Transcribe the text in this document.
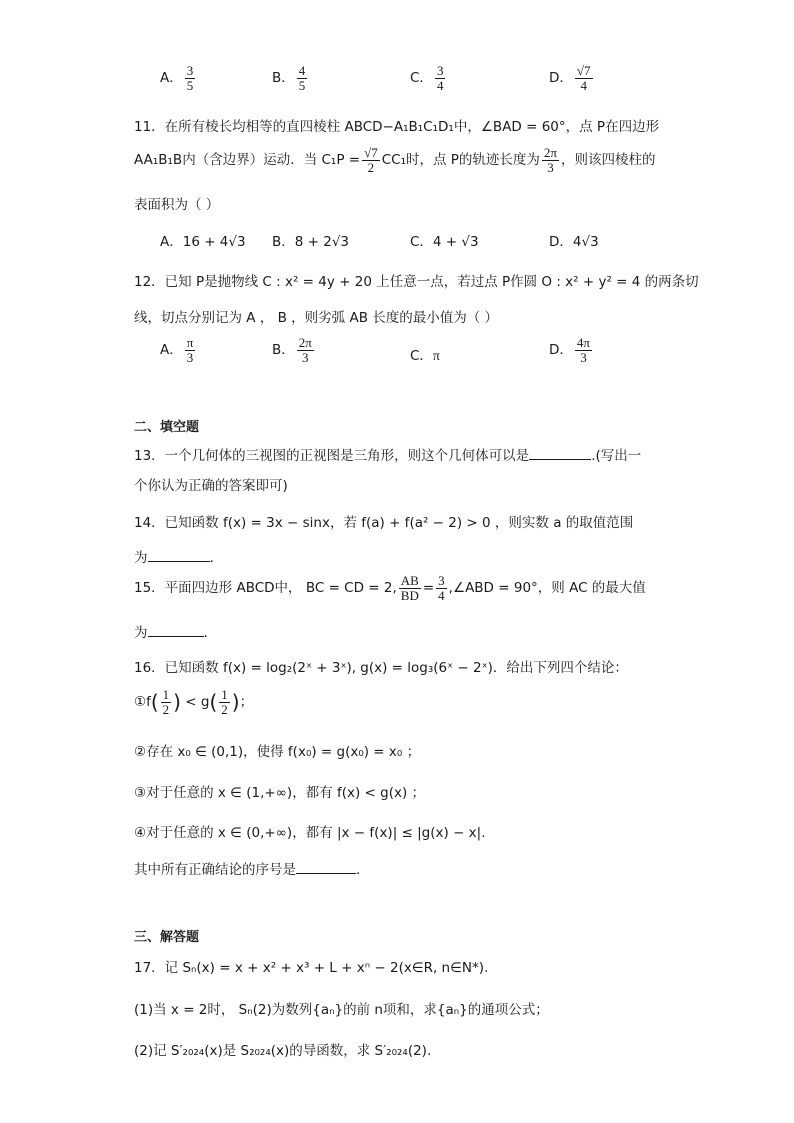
A． $\frac{3}{5}$	B． $\frac{4}{5}$	C． $\frac{3}{4}$	D． $\frac{√7}{4}$
11．在所有棱长均相等的直四棱柱 ABCD−A₁B₁C₁D₁中，∠BAD = 60°，点 P在四边形
AA₁B₁B内（含边界）运动．当 $C_1P = \frac{√7}{2} CC_1$时，点 P的轨迹长度为 $\frac{2\pi}{3}$ ，则该四棱柱的
表面积为（ ）
A．16 + 4√3 B．8 + 2√3	C．4 + √3	D．4√3
12．已知 P是抛物线 C : x² = 4y + 20 上任意一点，若过点 P作圆 O : x² + y² = 4 的两条切
线，切点分别记为 A ， B ，则劣弧 AB 长度的最小值为（ ）
A． $\frac{\pi}{3}$	B． $\frac{2\pi}{3}$	C．π	D． $\frac{4\pi}{3}$
二、填空题
13．一个几何体的三视图的正视图是三角形，则这个几何体可以是	.(写出一
个你认为正确的答案即可)
14．已知函数 f(x) = 3x − sinx，若 f(a) + f(a² − 2) > 0 ，则实数 a 的取值范围
为	.
15．平面四边形 ABCD中， BC = CD = 2, $\frac{AB}{BD} = \frac{3}{4}$ ,∠ABD = 90°，则 AC 的最大值
为	.
16．已知函数 f(x) = log₂(2ˣ + 3ˣ), g(x) = log₃(6ˣ − 2ˣ)．给出下列四个结论：
①f( $\frac{1}{2}$ ) < $g( \frac{1}{2}$ )；
②存在 x₀ ∈ (0,1)，使得 f(x₀) = g(x₀) = x₀ ；
③对于任意的 x ∈ (1,+∞)，都有 f(x) < g(x) ；
④对于任意的 x ∈ (0,+∞)，都有 |x − f(x)| ≤ |g(x) − x|.
其中所有正确结论的序号是	.
三、解答题
17．记 Sₙ(x) = x + x² + x³ + L + xⁿ − 2(x∈R, n∈N*).
(1)当 x = 2时， Sₙ(2)为数列{aₙ}的前 n项和，求{aₙ}的通项公式；
(2)记 S′₂₀₂₄(x)是 S₂₀₂₄(x)的导函数，求 S′₂₀₂₄(2).
